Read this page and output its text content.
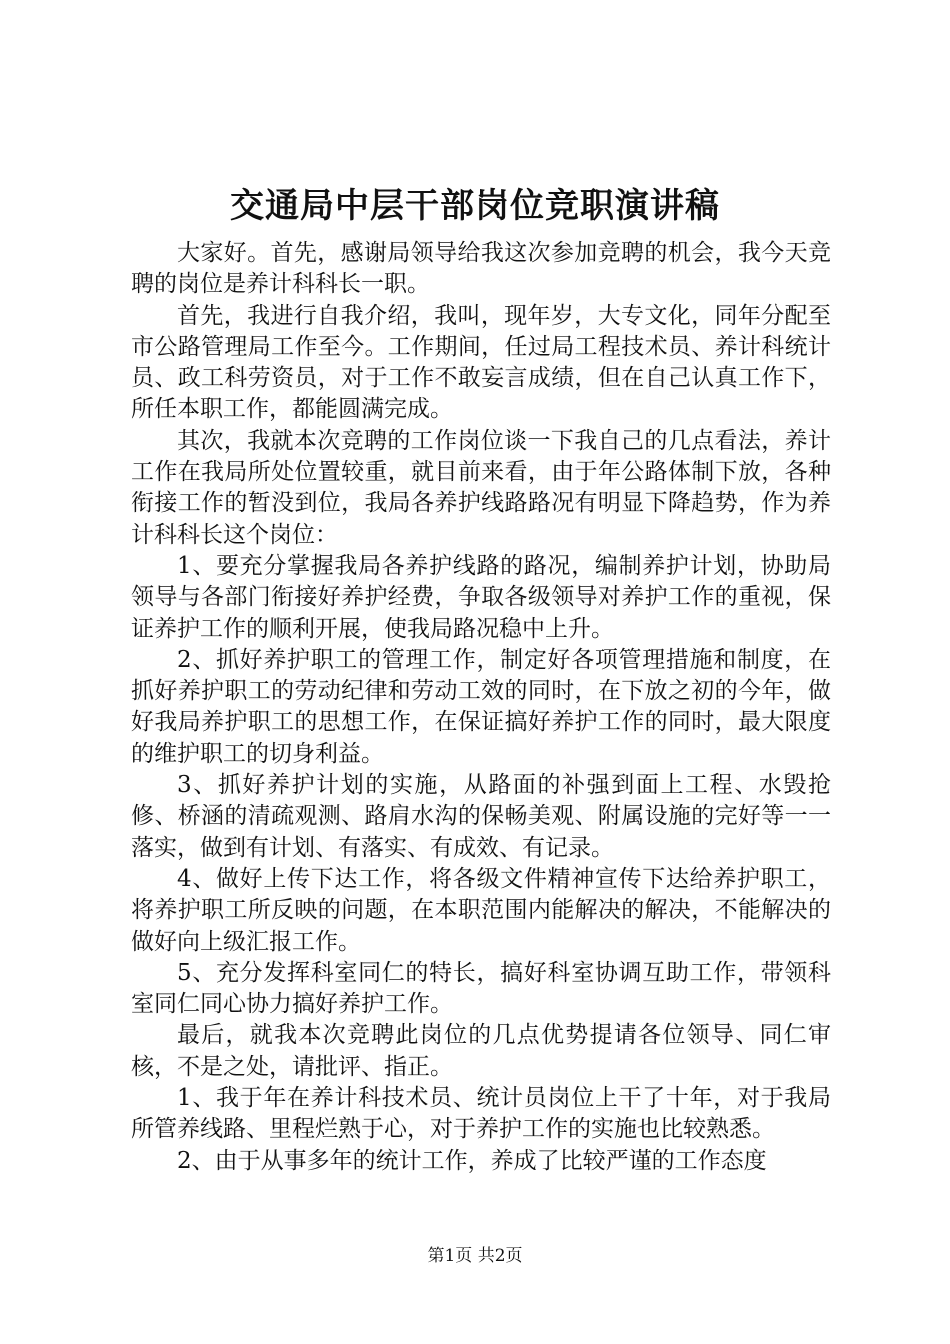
交通局中层干部岗位竞职演讲稿

大家好。首先，感谢局领导给我这次参加竞聘的机会，我今天竞聘的岗位是养计科科长一职。

首先，我进行自我介绍，我叫，现年岁，大专文化，同年分配至市公路管理局工作至今。工作期间，任过局工程技术员、养计科统计员、政工科劳资员，对于工作不敢妄言成绩，但在自己认真工作下，所任本职工作，都能圆满完成。

其次，我就本次竞聘的工作岗位谈一下我自己的几点看法，养计工作在我局所处位置较重，就目前来看，由于年公路体制下放，各种衔接工作的暂没到位，我局各养护线路路况有明显下降趋势，作为养计科科长这个岗位：

1、要充分掌握我局各养护线路的路况，编制养护计划，协助局领导与各部门衔接好养护经费，争取各级领导对养护工作的重视，保证养护工作的顺利开展，使我局路况稳中上升。

2、抓好养护职工的管理工作，制定好各项管理措施和制度，在抓好养护职工的劳动纪律和劳动工效的同时，在下放之初的今年，做好我局养护职工的思想工作，在保证搞好养护工作的同时，最大限度的维护职工的切身利益。

3、抓好养护计划的实施，从路面的补强到面上工程、水毁抢修、桥涵的清疏观测、路肩水沟的保畅美观、附属设施的完好等一一落实，做到有计划、有落实、有成效、有记录。

4、做好上传下达工作，将各级文件精神宣传下达给养护职工，将养护职工所反映的问题，在本职范围内能解决的解决，不能解决的做好向上级汇报工作。

5、充分发挥科室同仁的特长，搞好科室协调互助工作，带领科室同仁同心协力搞好养护工作。

最后，就我本次竞聘此岗位的几点优势提请各位领导、同仁审核，不是之处，请批评、指正。

1、我于年在养计科技术员、统计员岗位上干了十年，对于我局所管养线路、里程烂熟于心，对于养护工作的实施也比较熟悉。

2、由于从事多年的统计工作，养成了比较严谨的工作态度

第1页 共2页
